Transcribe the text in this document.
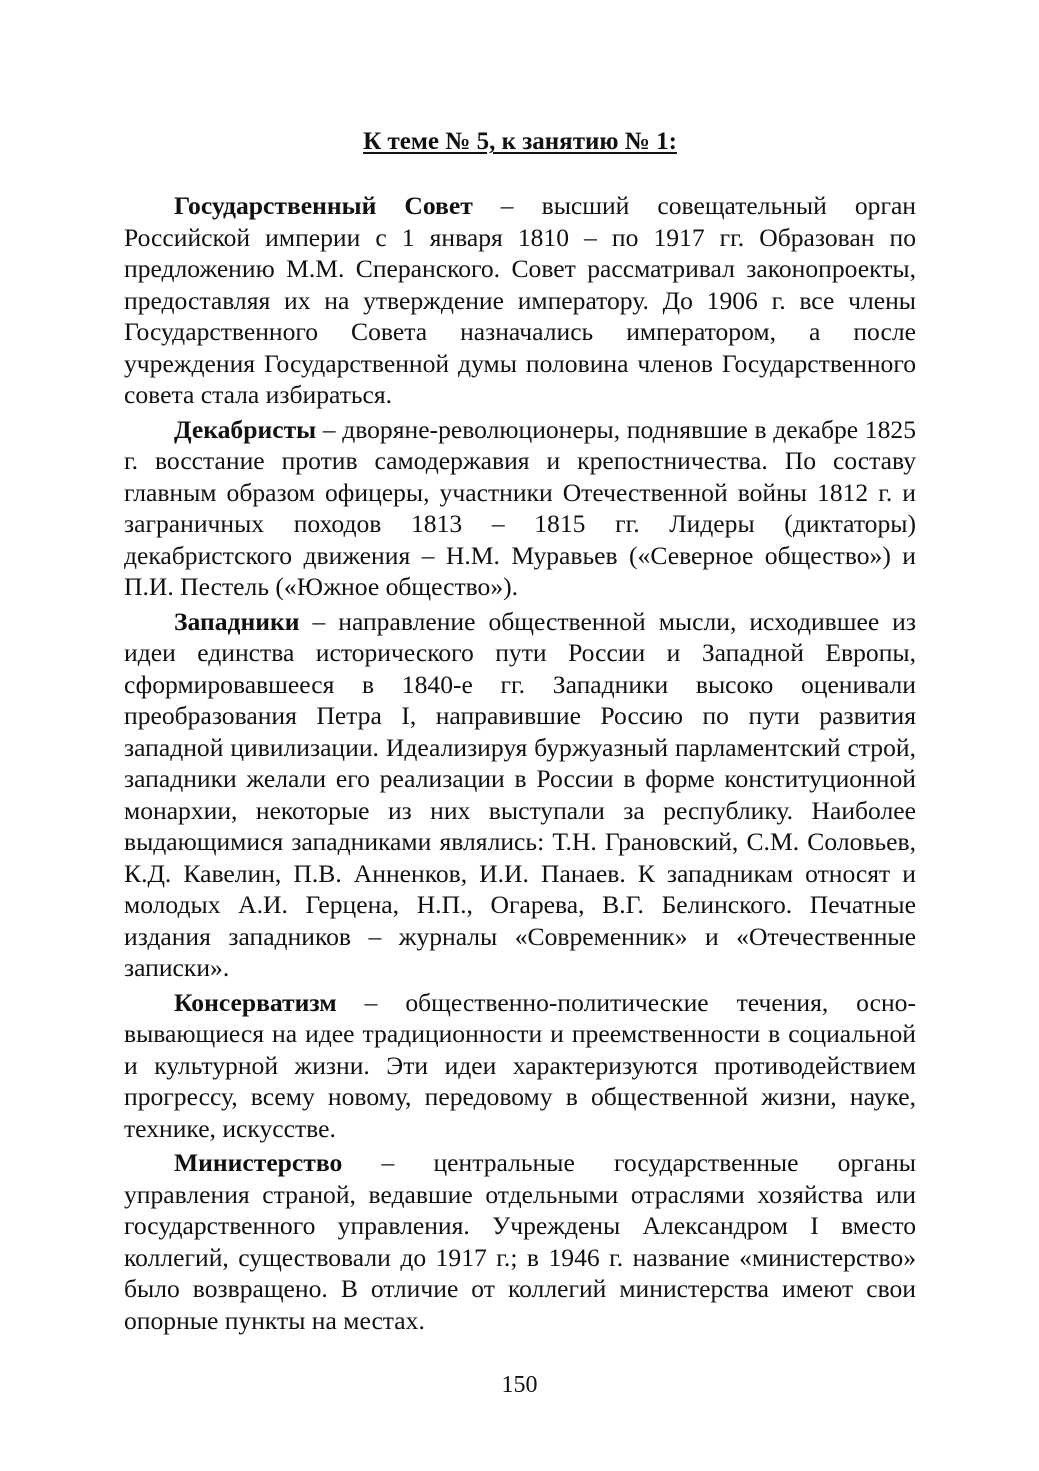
К теме № 5, к занятию № 1:

Государственный Совет – высший совещательный орган Российской империи с 1 января 1810 – по 1917 гг. Образован по предложению М.М. Сперанского. Совет рассматривал законопроекты, предоставляя их на утверждение императору. До 1906 г. все члены Государственного Совета назначались императором, а после учреждения Государственной думы половина членов Государственного совета стала избираться.

Декабристы – дворяне-революционеры, поднявшие в декабре 1825 г. восстание против самодержавия и крепостничества. По составу главным образом офицеры, участники Отечественной войны 1812 г. и заграничных походов 1813 – 1815 гг. Лидеры (диктаторы) декабристского движения – Н.М. Муравьев («Северное общество») и П.И. Пестель («Южное общество»).

Западники – направление общественной мысли, исходившее из идеи единства исторического пути России и Западной Европы, сформировавшееся в 1840-е гг. Западники высоко оценивали преобразования Петра I, направившие Россию по пути развития западной цивилизации. Идеализируя буржуазный парламентский строй, западники желали его реализации в России в форме конституционной монархии, некоторые из них выступали за республику. Наиболее выдающимися западниками являлись: Т.Н. Грановский, С.М. Соловьев, К.Д. Кавелин, П.В. Анненков, И.И. Панаев. К западникам относят и молодых А.И. Герцена, Н.П., Огарева, В.Г. Белинского. Печатные издания западников – журналы «Современник» и «Отечественные записки».

Консерватизм – общественно-политические течения, основывающиеся на идее традиционности и преемственности в социальной и культурной жизни. Эти идеи характеризуются противодействием прогрессу, всему новому, передовому в общественной жизни, науке, технике, искусстве.

Министерство – центральные государственные органы управления страной, ведавшие отдельными отраслями хозяйства или государственного управления. Учреждены Александром I вместо коллегий, существовали до 1917 г.; в 1946 г. название «министерство» было возвращено. В отличие от коллегий министерства имеют свои опорные пункты на местах.

150
